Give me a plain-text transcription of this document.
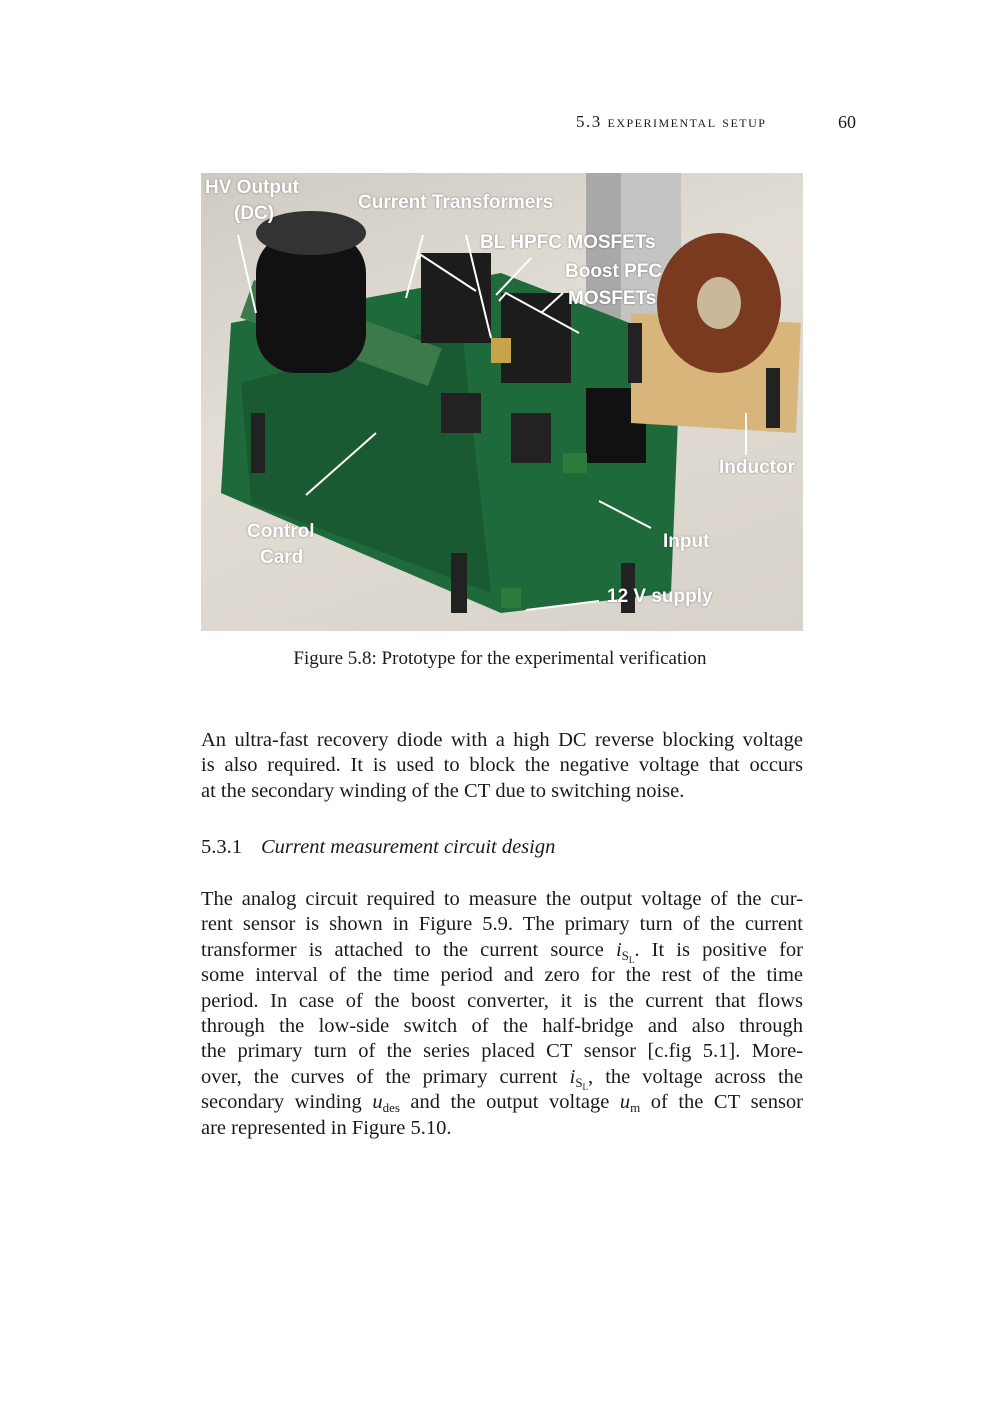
5.3 experimental setup	60
HV Output
(DC)
Current Transformers
BL HPFC MOSFETs
Boost PFC
MOSFETs
Inductor
Control
Card
Input
12 V supply
Figure 5.8: Prototype for the experimental verification
An ultra-fast recovery diode with a high DC reverse blocking voltage
is also required. It is used to block the negative voltage that occurs
at the secondary winding of the CT due to switching noise.
5.3.1 Current measurement circuit design
The analog circuit required to measure the output voltage of the cur-
rent sensor is shown in Figure 5.9. The primary turn of the current
transformer is attached to the current source $i_{S_L}$. It is positive for
some interval of the time period and zero for the rest of the time
period. In case of the boost converter, it is the current that flows
through the low-side switch of the half-bridge and also through
the primary turn of the series placed CT sensor [c.fig 5.1]. More-
over, the curves of the primary current $i_{S_L}$, the voltage across the
secondary winding $u_{des}$ and the output voltage $u_m$ of the CT sensor
are represented in Figure 5.10.
